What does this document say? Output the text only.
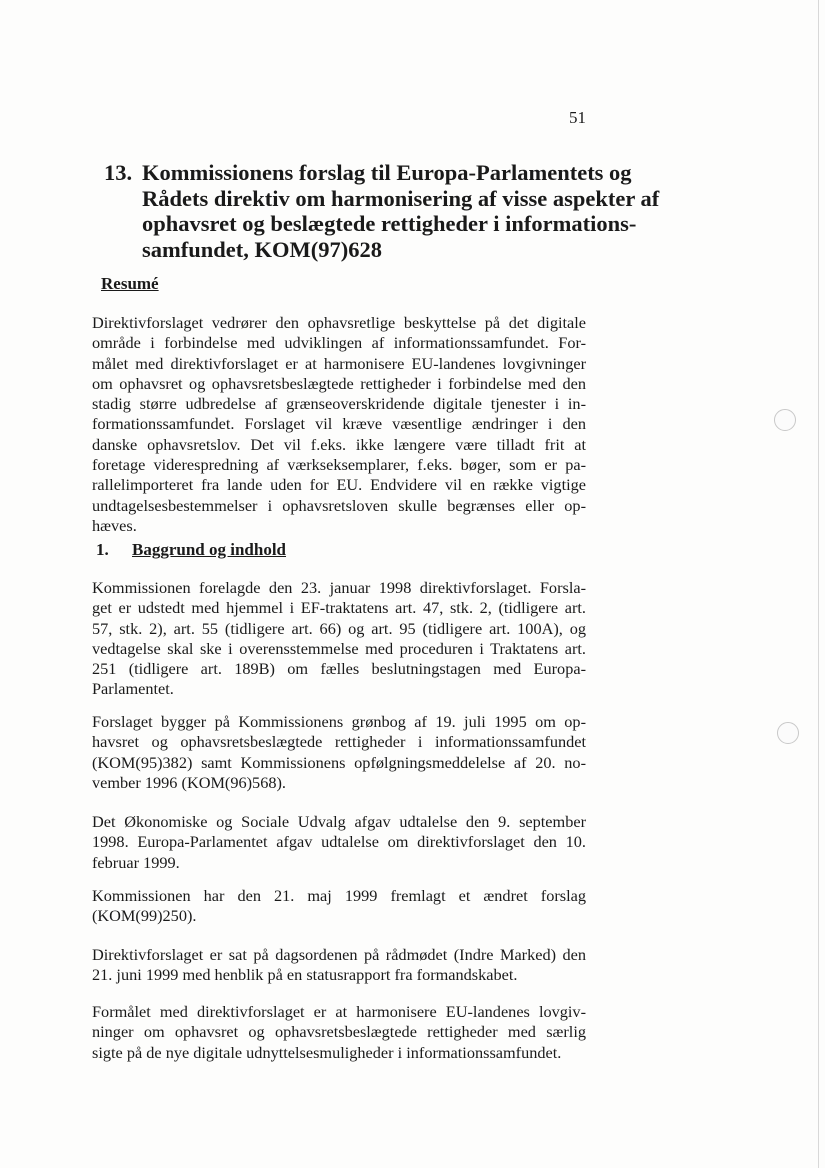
51
13. Kommissionens forslag til Europa-Parlamentets og
Rådets direktiv om harmonisering af visse aspekter af
ophavsret og beslægtede rettigheder i informations-
samfundet, KOM(97)628
Resumé
Direktivforslaget vedrører den ophavsretlige beskyttelse på det digitale
område i forbindelse med udviklingen af informationssamfundet. For-
målet med direktivforslaget er at harmonisere EU-landenes lovgivninger
om ophavsret og ophavsretsbeslægtede rettigheder i forbindelse med den
stadig større udbredelse af grænseoverskridende digitale tjenester i in-
formationssamfundet. Forslaget vil kræve væsentlige ændringer i den
danske ophavsretslov. Det vil f.eks. ikke længere være tilladt frit at
foretage viderespredning af værkseksemplarer, f.eks. bøger, som er pa-
rallelimporteret fra lande uden for EU. Endvidere vil en række vigtige
undtagelsesbestemmelser i ophavsretsloven skulle begrænses eller op-
hæves.
1. Baggrund og indhold
Kommissionen forelagde den 23. januar 1998 direktivforslaget. Forsla-
get er udstedt med hjemmel i EF-traktatens art. 47, stk. 2, (tidligere art.
57, stk. 2), art. 55 (tidligere art. 66) og art. 95 (tidligere art. 100A), og
vedtagelse skal ske i overensstemmelse med proceduren i Traktatens art.
251 (tidligere art. 189B) om fælles beslutningstagen med Europa-
Parlamentet.
Forslaget bygger på Kommissionens grønbog af 19. juli 1995 om op-
havsret og ophavsretsbeslægtede rettigheder i informationssamfundet
(KOM(95)382) samt Kommissionens opfølgningsmeddelelse af 20. no-
vember 1996 (KOM(96)568).
Det Økonomiske og Sociale Udvalg afgav udtalelse den 9. september
1998. Europa-Parlamentet afgav udtalelse om direktivforslaget den 10.
februar 1999.
Kommissionen har den 21. maj 1999 fremlagt et ændret forslag
(KOM(99)250).
Direktivforslaget er sat på dagsordenen på rådmødet (Indre Marked) den
21. juni 1999 med henblik på en statusrapport fra formandskabet.
Formålet med direktivforslaget er at harmonisere EU-landenes lovgiv-
ninger om ophavsret og ophavsretsbeslægtede rettigheder med særlig
sigte på de nye digitale udnyttelsesmuligheder i informationssamfundet.
